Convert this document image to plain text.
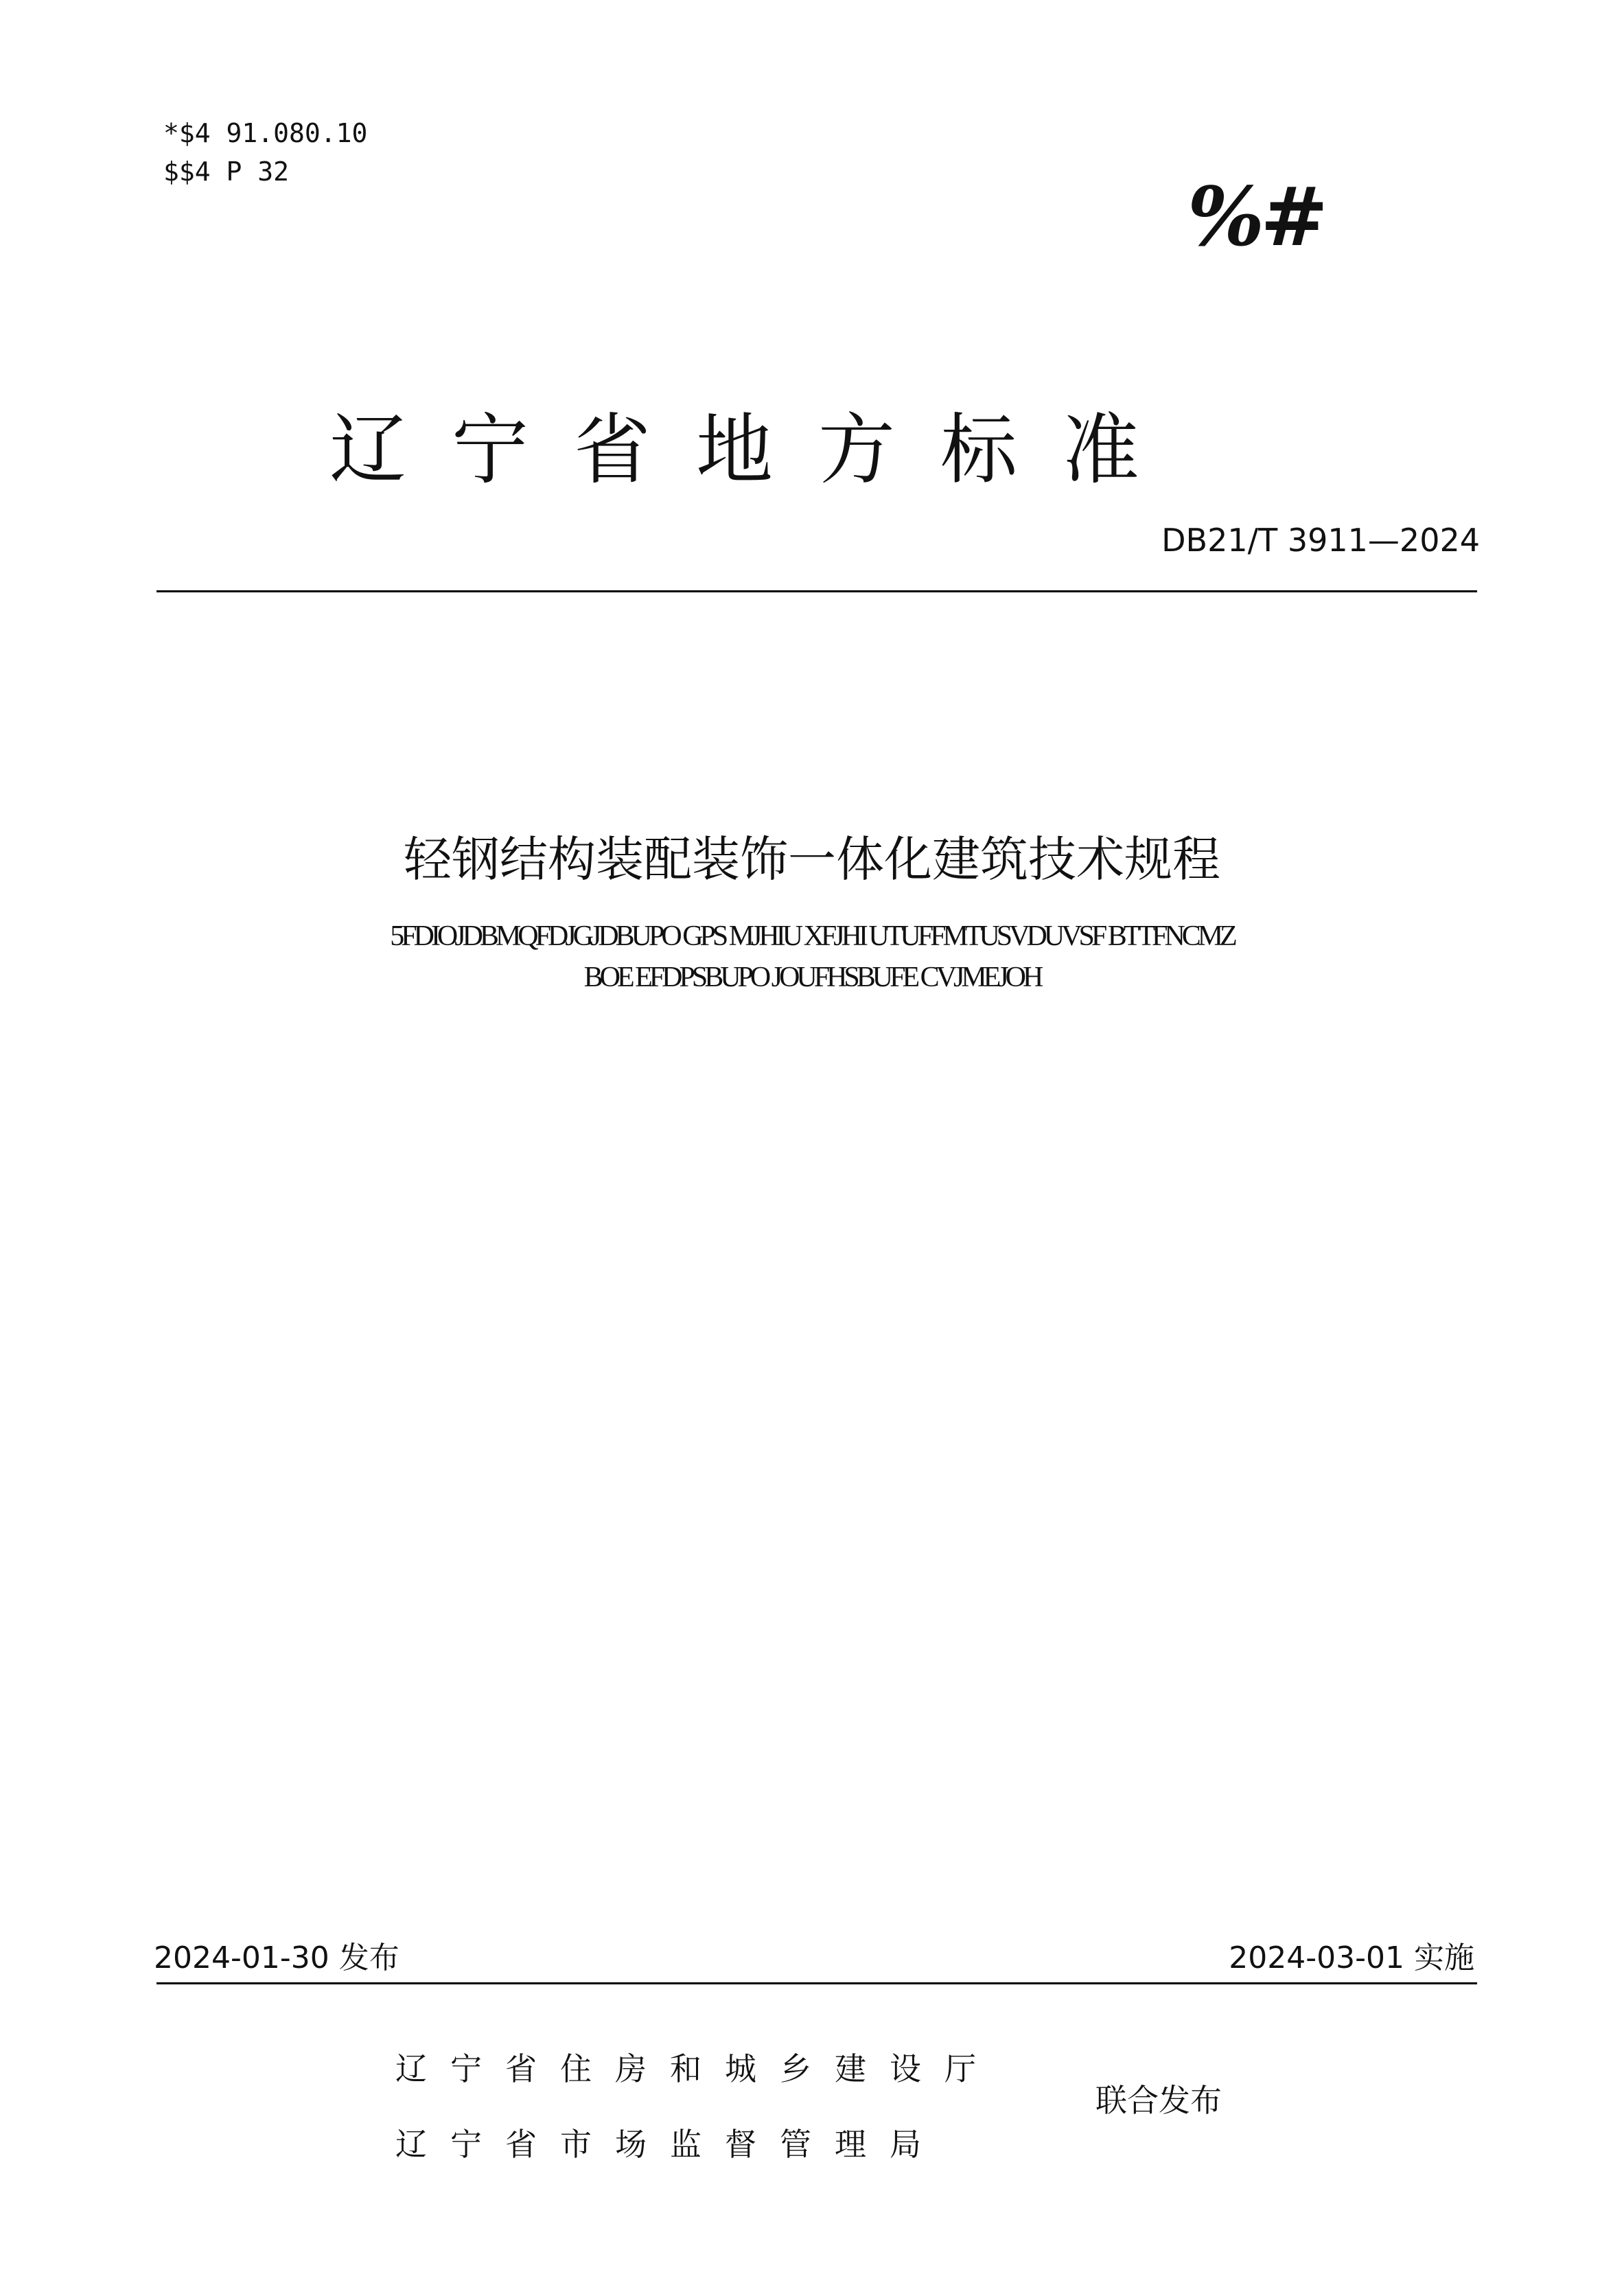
*$4 91.080.10
$$4 P 32	%#
辽宁省地方标准
DB21/T 3911—2024
轻钢结构装配装饰一体化建筑技术规程
5FDIOJDBMQFDJGJDBUPO GPS MJHIU XFJHI UTUFFMTUSVDUVSF BTTFNCMZ
BOE EFDPSBUPO JOUFHSBUFE CVJMEJOH
2024-01-30 发布	2024-03-01 实施
辽宁省住房和城乡建设厅
辽宁省市场监督管理局
联合发布
